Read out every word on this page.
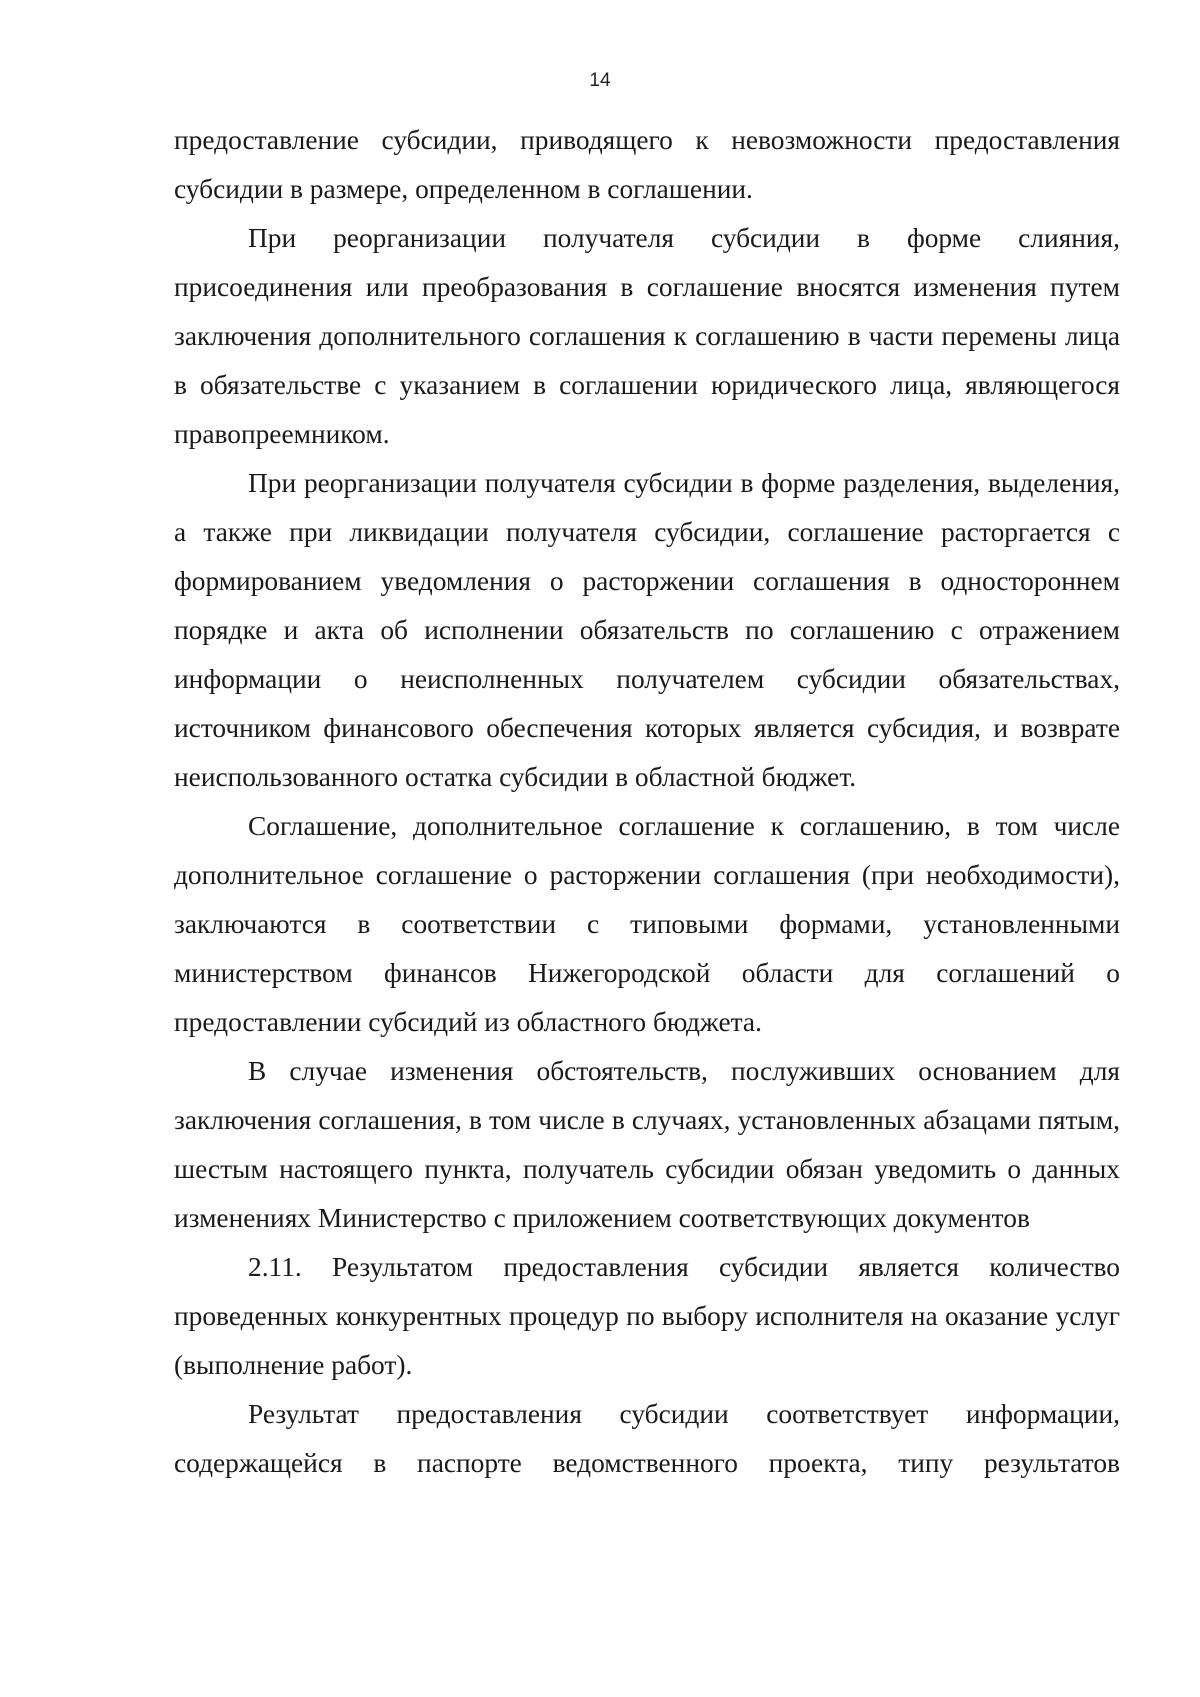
14

предоставление субсидии, приводящего к невозможности предоставления субсидии в размере, определенном в соглашении.

При реорганизации получателя субсидии в форме слияния, присоединения или преобразования в соглашение вносятся изменения путем заключения дополнительного соглашения к соглашению в части перемены лица в обязательстве с указанием в соглашении юридического лица, являющегося правопреемником.

При реорганизации получателя субсидии в форме разделения, выделения, а также при ликвидации получателя субсидии, соглашение расторгается с формированием уведомления о расторжении соглашения в одностороннем порядке и акта об исполнении обязательств по соглашению с отражением информации о неисполненных получателем субсидии обязательствах, источником финансового обеспечения которых является субсидия, и возврате неиспользованного остатка субсидии в областной бюджет.

Соглашение, дополнительное соглашение к соглашению, в том числе дополнительное соглашение о расторжении соглашения (при необходимости), заключаются в соответствии с типовыми формами, установленными министерством финансов Нижегородской области для соглашений о предоставлении субсидий из областного бюджета.

В случае изменения обстоятельств, послуживших основанием для заключения соглашения, в том числе в случаях, установленных абзацами пятым, шестым настоящего пункта, получатель субсидии обязан уведомить о данных изменениях Министерство с приложением соответствующих документов

2.11. Результатом предоставления субсидии является количество проведенных конкурентных процедур по выбору исполнителя на оказание услуг (выполнение работ).

Результат предоставления субсидии соответствует информации, содержащейся в паспорте ведомственного проекта, типу результатов
